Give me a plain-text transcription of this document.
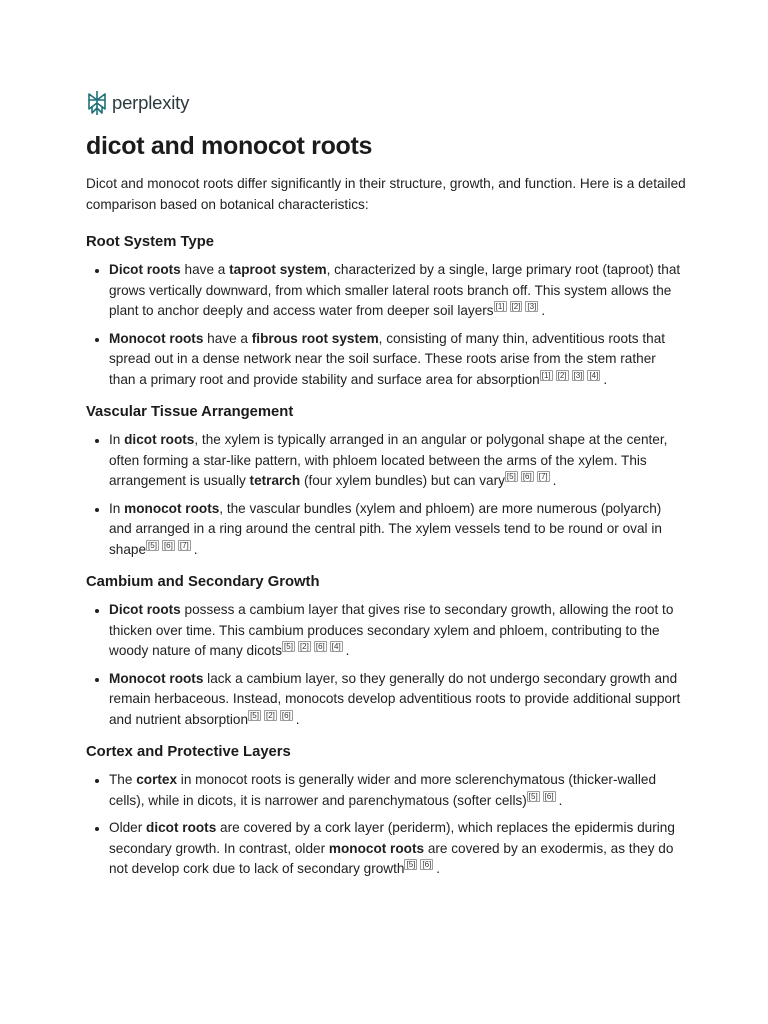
perplexity
dicot and monocot roots

Dicot and monocot roots differ significantly in their structure, growth, and function. Here is a detailed comparison based on botanical characteristics:

Root System Type
• Dicot roots have a taproot system, characterized by a single, large primary root (taproot) that grows vertically downward, from which smaller lateral roots branch off. This system allows the plant to anchor deeply and access water from deeper soil layers [1] [2] [3] .
• Monocot roots have a fibrous root system, consisting of many thin, adventitious roots that spread out in a dense network near the soil surface. These roots arise from the stem rather than a primary root and provide stability and surface area for absorption [1] [2] [3] [4] .
Vascular Tissue Arrangement
• In dicot roots, the xylem is typically arranged in an angular or polygonal shape at the center, often forming a star-like pattern, with phloem located between the arms of the xylem. This arrangement is usually tetrarch (four xylem bundles) but can vary [5] [6] [7] .
• In monocot roots, the vascular bundles (xylem and phloem) are more numerous (polyarch) and arranged in a ring around the central pith. The xylem vessels tend to be round or oval in shape [5] [6] [7] .
Cambium and Secondary Growth
• Dicot roots possess a cambium layer that gives rise to secondary growth, allowing the root to thicken over time. This cambium produces secondary xylem and phloem, contributing to the woody nature of many dicots [5] [2] [6] [4] .
• Monocot roots lack a cambium layer, so they generally do not undergo secondary growth and remain herbaceous. Instead, monocots develop adventitious roots to provide additional support and nutrient absorption [5] [2] [6] .
Cortex and Protective Layers
• The cortex in monocot roots is generally wider and more sclerenchymatous (thicker-walled cells), while in dicots, it is narrower and parenchymatous (softer cells) [5] [6] .
• Older dicot roots are covered by a cork layer (periderm), which replaces the epidermis during secondary growth. In contrast, older monocot roots are covered by an exodermis, as they do not develop cork due to lack of secondary growth [5] [6] .
